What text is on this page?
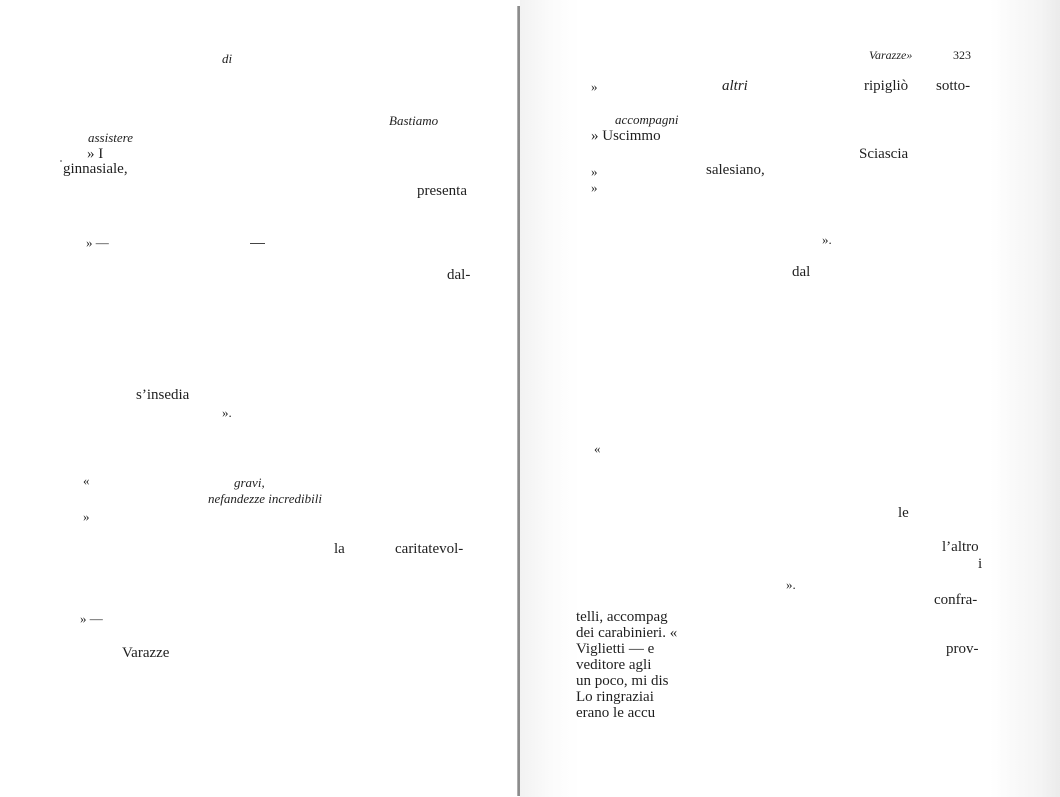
di
Bastiamo
assistere
» I
ginnasiale,
presenta
» —
dal-
s’insedia
».
«	gravi,
nefandezze incredibili
»
la	caritatevol-
» —
Varazze
Varazze»	323
»	altri	ripigliò sotto-
accompagni
» Uscimmo
Sciascia
»	salesiano,
»
».
dal
«
le
l’altro
i
».
confra-
prov-
telli, accompag
dei carabinieri. «
Viglietti — e
veditore agli
un poco, mi dis
Lo ringraziai
erano le accu
